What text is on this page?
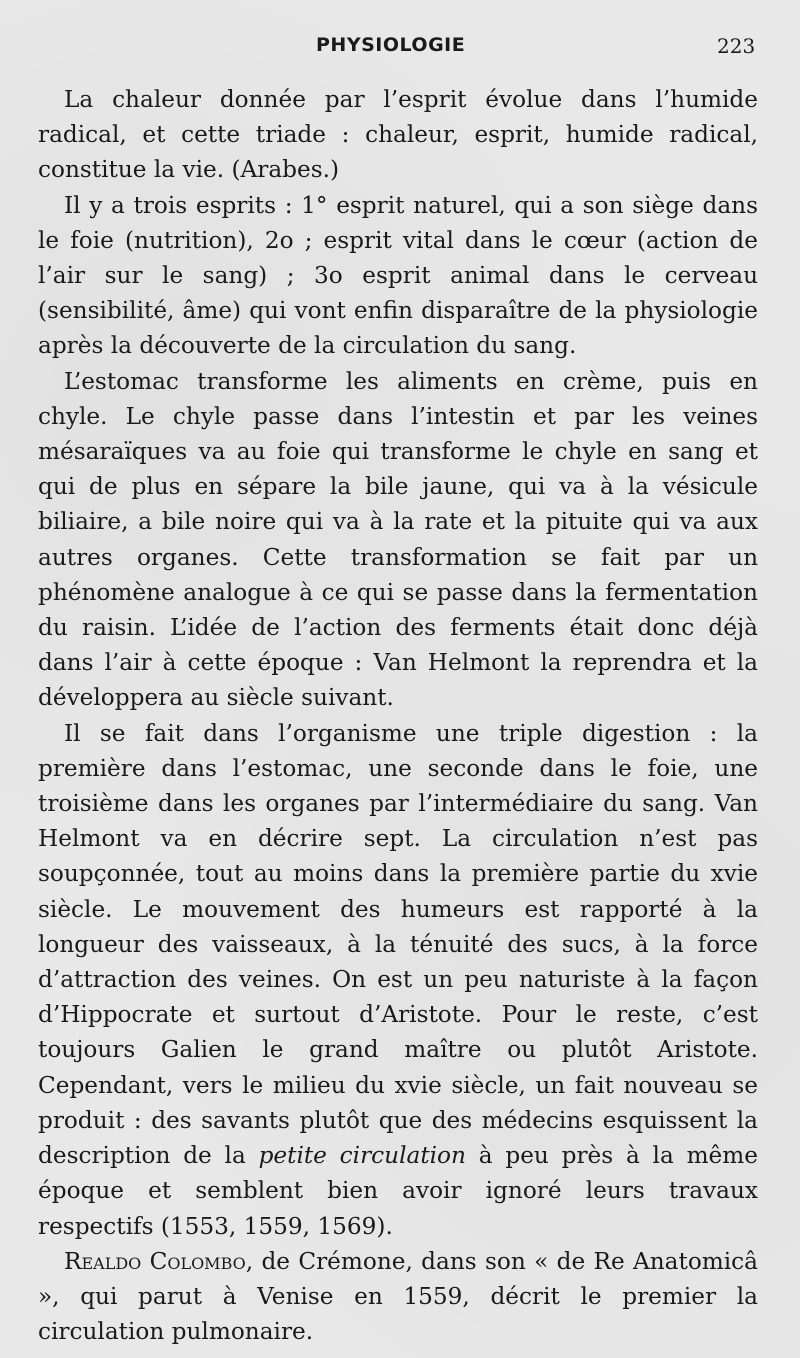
PHYSIOLOGIE	223

La chaleur donnée par l’esprit évolue dans l’humide radical, et cette triade : chaleur, esprit, humide radical, constitue la vie. (Arabes.)

Il y a trois esprits : 1° esprit naturel, qui a son siège dans le foie (nutrition), 2o ; esprit vital dans le cœur (action de l’air sur le sang) ; 3o esprit animal dans le cerveau (sensibilité, âme) qui vont enfin disparaître de la physiologie après la découverte de la circulation du sang.

L’estomac transforme les aliments en crème, puis en chyle. Le chyle passe dans l’intestin et par les veines mésaraïques va au foie qui transforme le chyle en sang et qui de plus en sépare la bile jaune, qui va à la vésicule biliaire, a bile noire qui va à la rate et la pituite qui va aux autres organes. Cette transformation se fait par un phénomène analogue à ce qui se passe dans la fermentation du raisin. L’idée de l’action des ferments était donc déjà dans l’air à cette époque : Van Helmont la reprendra et la développera au siècle suivant.

Il se fait dans l’organisme une triple digestion : la première dans l’estomac, une seconde dans le foie, une troisième dans les organes par l’intermédiaire du sang. Van Helmont va en décrire sept. La circulation n’est pas soupçonnée, tout au moins dans la première partie du xvie siècle. Le mouvement des humeurs est rapporté à la longueur des vaisseaux, à la ténuité des sucs, à la force d’attraction des veines. On est un peu naturiste à la façon d’Hippocrate et surtout d’Aristote. Pour le reste, c’est toujours Galien le grand maître ou plutôt Aristote. Cependant, vers le milieu du xvie siècle, un fait nouveau se produit : des savants plutôt que des médecins esquissent la description de la petite circulation à peu près à la même époque et semblent bien avoir ignoré leurs travaux respectifs (1553, 1559, 1569).

Realdo Colombo, de Crémone, dans son « de Re Anatomicâ », qui parut à Venise en 1559, décrit le premier la circulation pulmonaire.
